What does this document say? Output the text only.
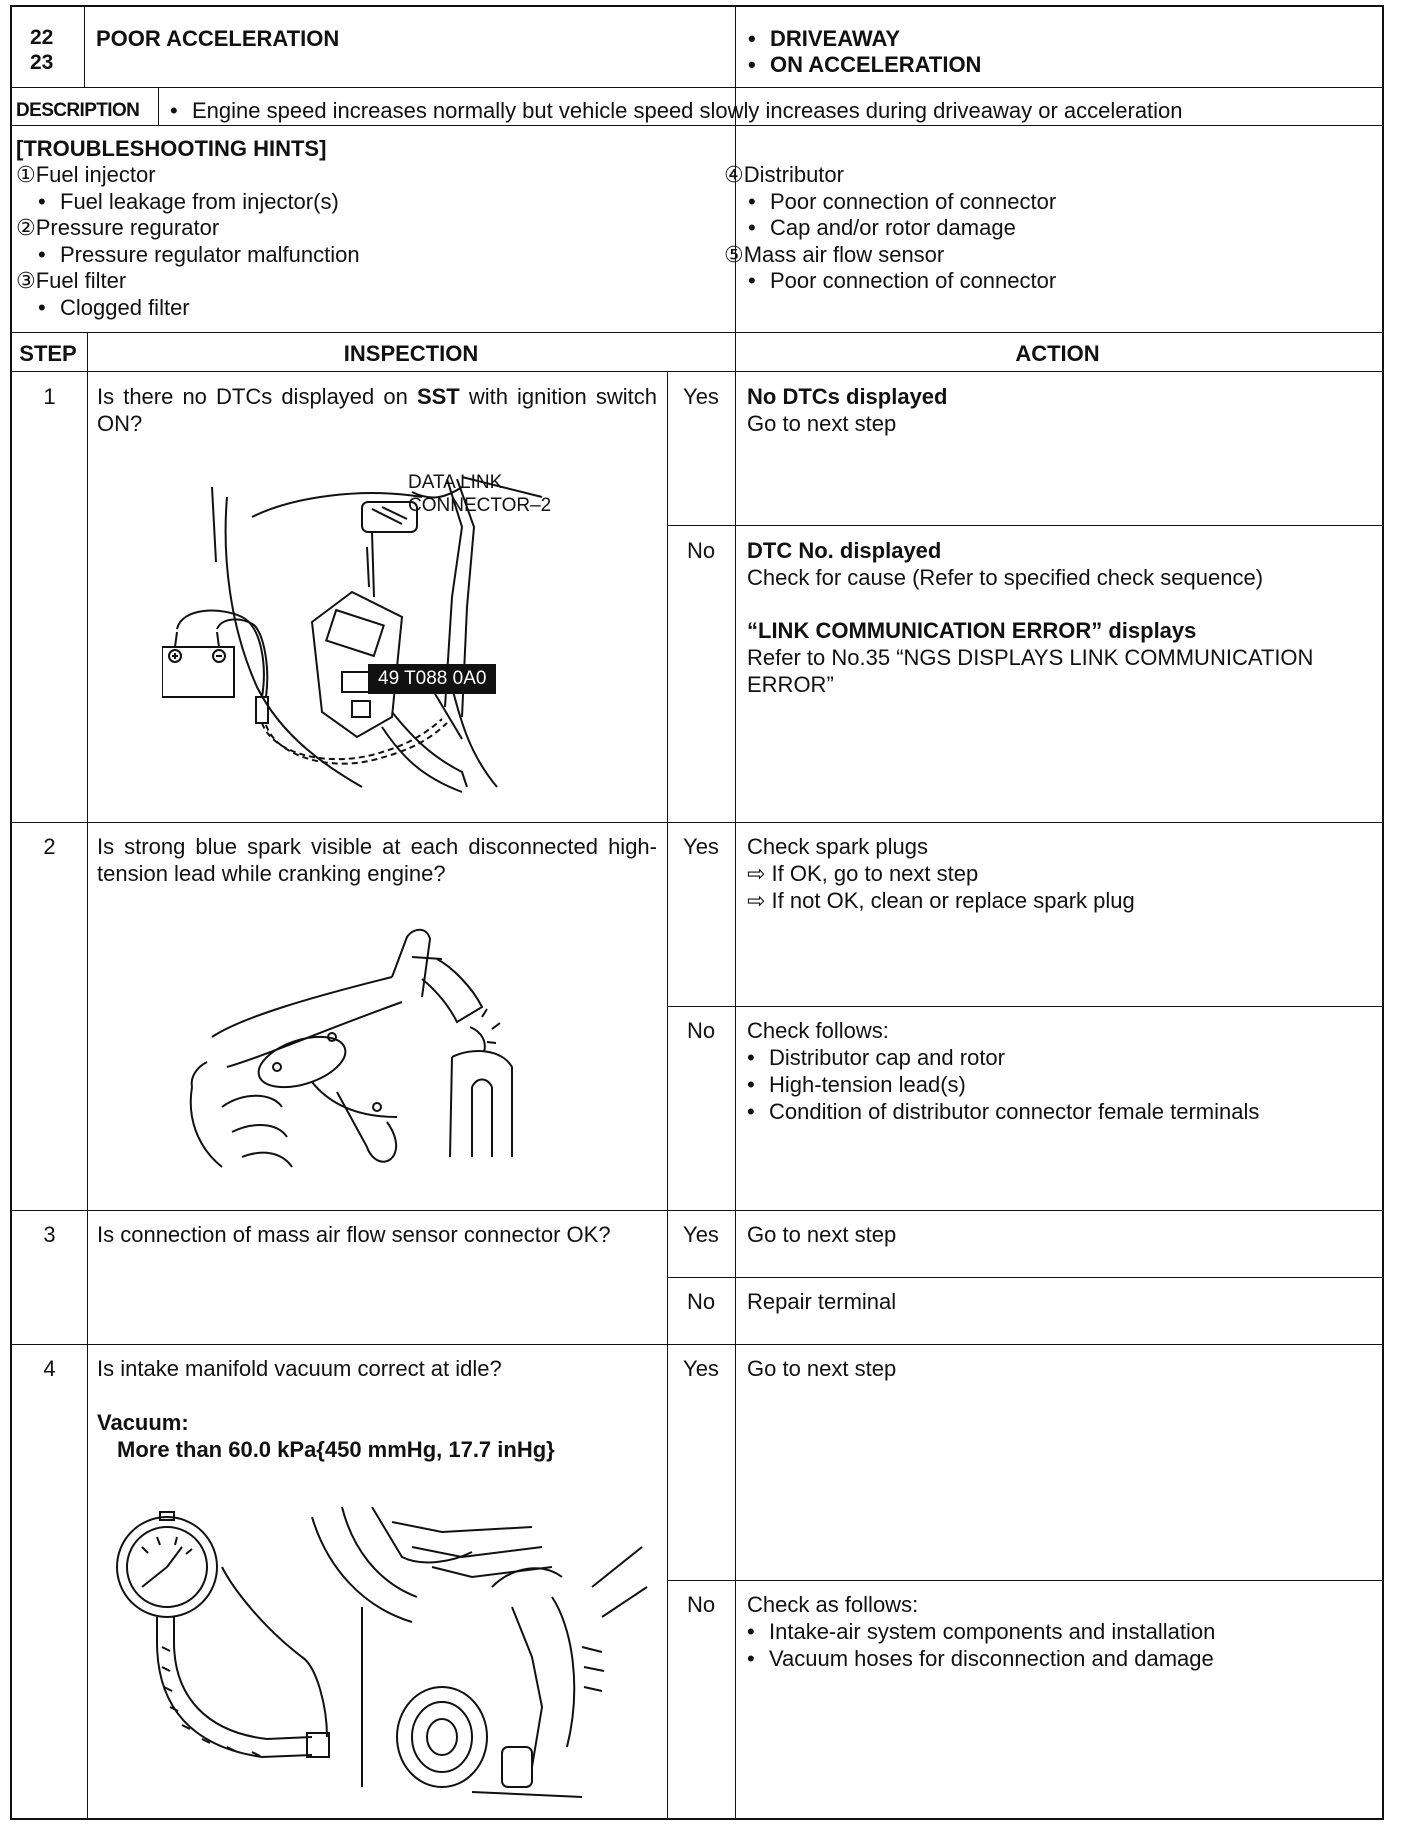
22
23
POOR ACCELERATION	• DRIVEAWAY
• ON ACCELERATION
DESCRIPTION	• Engine speed increases normally but vehicle speed slowly increases during driveaway or acceleration
[TROUBLESHOOTING HINTS]
①Fuel injector
• Fuel leakage from injector(s)
②Pressure regurator
• Pressure regulator malfunction
③Fuel filter
• Clogged filter
④Distributor
• Poor connection of connector
• Cap and/or rotor damage
⑤Mass air flow sensor
• Poor connection of connector
STEP	INSPECTION	ACTION
1	Is there no DTCs displayed on SST with ignition switch ON?
DATA LINK
CONNECTOR–2
49 T088 0A0
Yes	No DTCs displayed
Go to next step
No	DTC No. displayed
Check for cause (Refer to specified check sequence)
“LINK COMMUNICATION ERROR” displays
Refer to No.35 “NGS DISPLAYS LINK COMMUNICATION ERROR”
2	Is strong blue spark visible at each disconnected high-tension lead while cranking engine?
Yes	Check spark plugs
⇨ If OK, go to next step
⇨ If not OK, clean or replace spark plug
No	Check follows:
• Distributor cap and rotor
• High-tension lead(s)
• Condition of distributor connector female terminals
3	Is connection of mass air flow sensor connector OK?	Yes	Go to next step
No	Repair terminal
4	Is intake manifold vacuum correct at idle?
Vacuum:
More than 60.0 kPa{450 mmHg, 17.7 inHg}
Yes	Go to next step
No	Check as follows:
• Intake-air system components and installation
• Vacuum hoses for disconnection and damage
